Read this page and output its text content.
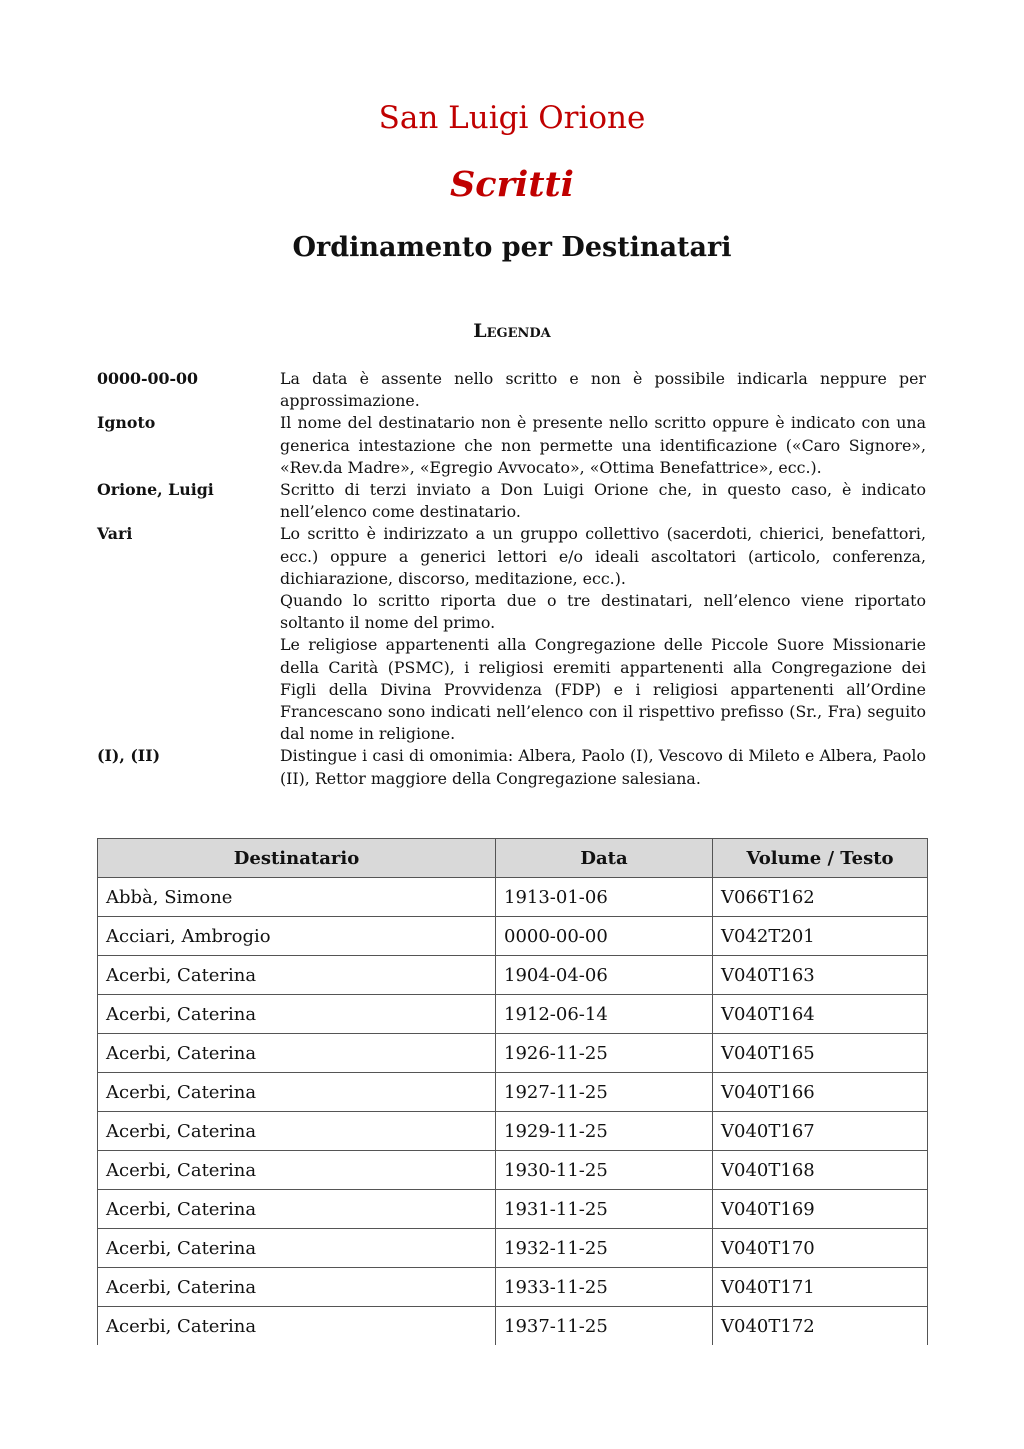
San Luigi Orione
Scritti
Ordinamento per Destinatari
Legenda
0000-00-00	La data è assente nello scritto e non è possibile indicarla neppure per approssimazione.

Ignoto	Il nome del destinatario non è presente nello scritto oppure è indicato con una generica intestazione che non permette una identificazione («Caro Signore», «Rev.da Madre», «Egregio Avvocato», «Ottima Benefattrice», ecc.).

Orione, Luigi	Scritto di terzi inviato a Don Luigi Orione che, in questo caso, è indicato nell’elenco come destinatario.

Vari	Lo scritto è indirizzato a un gruppo collettivo (sacerdoti, chierici, benefattori, ecc.) oppure a generici lettori e/o ideali ascoltatori (articolo, conferenza, dichiarazione, discorso, meditazione, ecc.).

Quando lo scritto riporta due o tre destinatari, nell’elenco viene riportato soltanto il nome del primo.

Le religiose appartenenti alla Congregazione delle Piccole Suore Missionarie della Carità (PSMC), i religiosi eremiti appartenenti alla Congregazione dei Figli della Divina Provvidenza (FDP) e i religiosi appartenenti all’Ordine Francescano sono indicati nell’elenco con il rispettivo prefisso (Sr., Fra) seguito dal nome in religione.

(I), (II)	Distingue i casi di omonimia: Albera, Paolo (I), Vescovo di Mileto e Albera, Paolo (II), Rettor maggiore della Congregazione salesiana.

Destinatario	Data	Volume / Testo
Abbà, Simone	1913-01-06	V066T162
Acciari, Ambrogio	0000-00-00	V042T201
Acerbi, Caterina	1904-04-06	V040T163
Acerbi, Caterina	1912-06-14	V040T164
Acerbi, Caterina	1926-11-25	V040T165
Acerbi, Caterina	1927-11-25	V040T166
Acerbi, Caterina	1929-11-25	V040T167
Acerbi, Caterina	1930-11-25	V040T168
Acerbi, Caterina	1931-11-25	V040T169
Acerbi, Caterina	1932-11-25	V040T170
Acerbi, Caterina	1933-11-25	V040T171
Acerbi, Caterina	1937-11-25	V040T172
